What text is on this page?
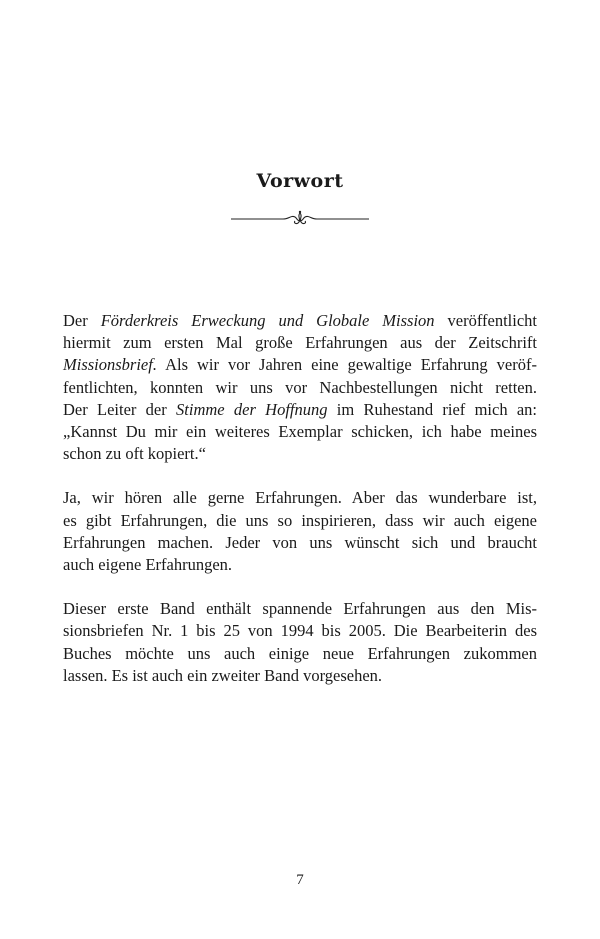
Vorwort

Der Förderkreis Erweckung und Globale Mission veröffentlicht
hiermit zum ersten Mal große Erfahrungen aus der Zeitschrift
Missionsbrief. Als wir vor Jahren eine gewaltige Erfahrung veröf-
fentlichten, konnten wir uns vor Nachbestellungen nicht retten.
Der Leiter der Stimme der Hoffnung im Ruhestand rief mich an:
„Kannst Du mir ein weiteres Exemplar schicken, ich habe meines
schon zu oft kopiert.“

Ja, wir hören alle gerne Erfahrungen. Aber das wunderbare ist,
es gibt Erfahrungen, die uns so inspirieren, dass wir auch eigene
Erfahrungen machen. Jeder von uns wünscht sich und braucht
auch eigene Erfahrungen.

Dieser erste Band enthält spannende Erfahrungen aus den Mis-
sionsbriefen Nr. 1 bis 25 von 1994 bis 2005. Die Bearbeiterin des
Buches möchte uns auch einige neue Erfahrungen zukommen
lassen. Es ist auch ein zweiter Band vorgesehen.

7
